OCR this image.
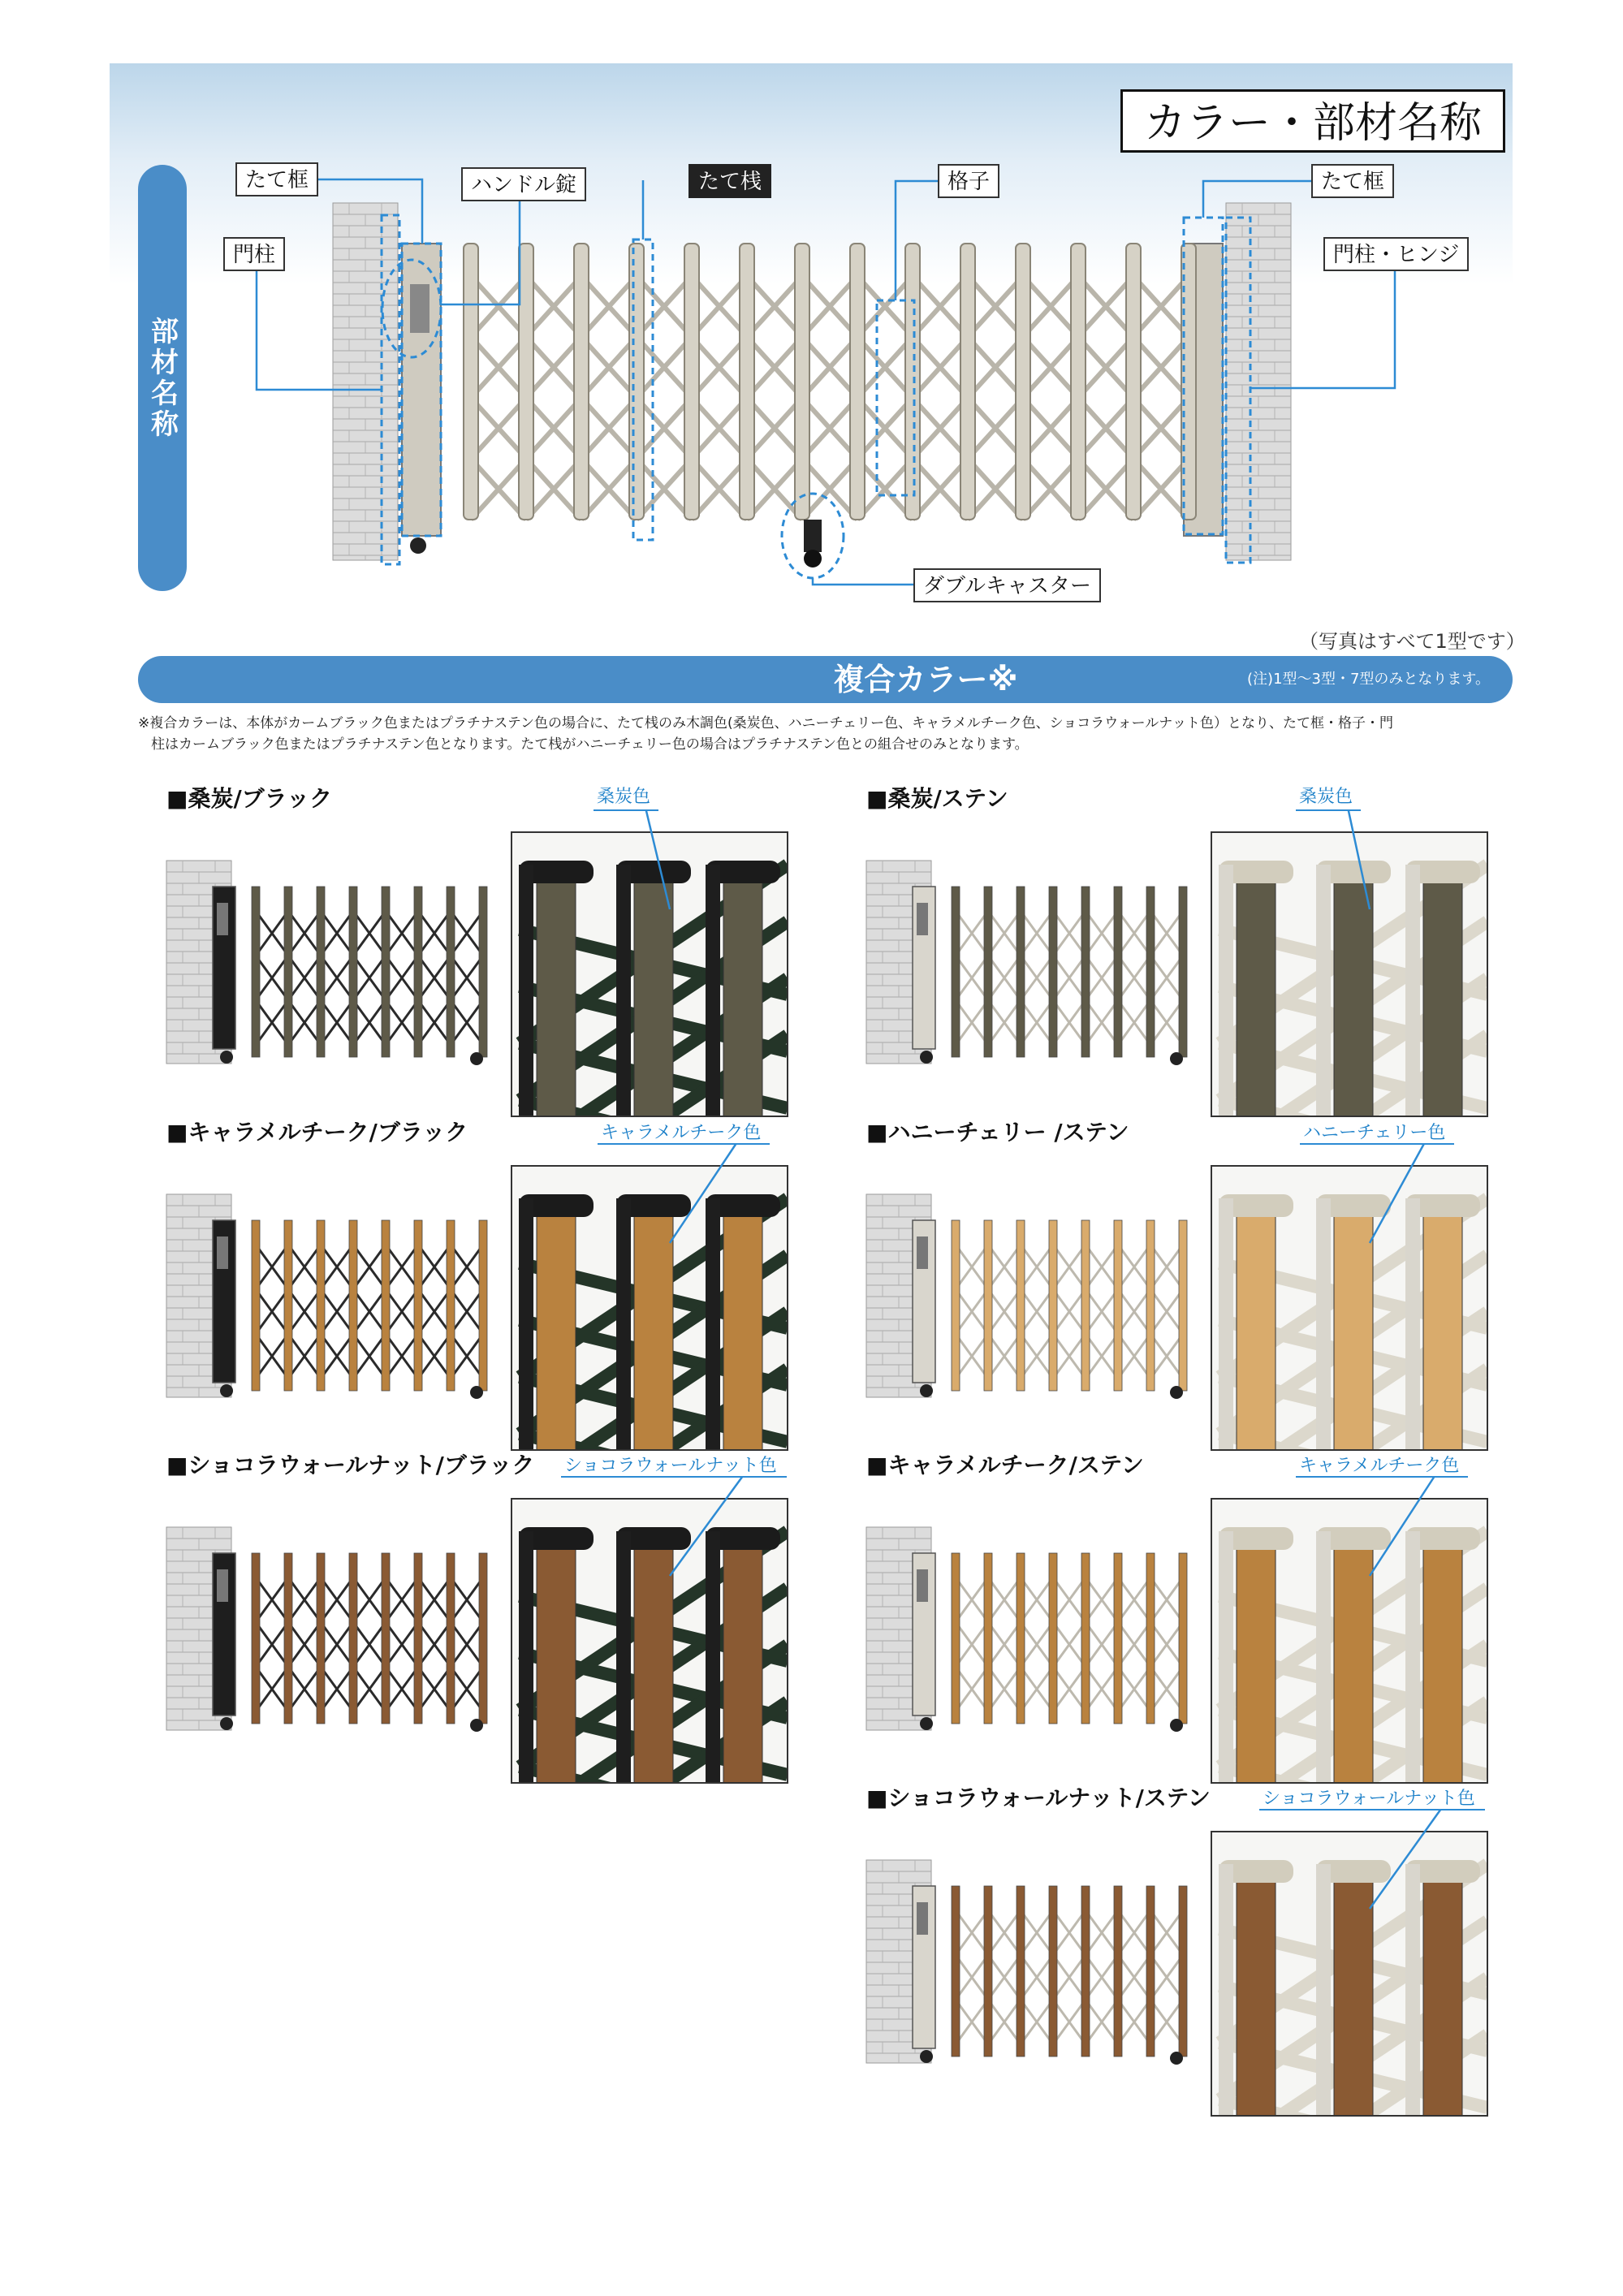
カラー・部材名称
部材名称
たて框
門柱
ハンドル錠	たて桟	格子	たて框
門柱・ヒンジ
ダブルキャスター
（写真はすべて1型です）
複合カラー※	(注)1型～3型・7型のみとなります。
※複合カラーは、本体がカームブラック色またはプラチナステン色の場合に、たて桟のみ木調色(桑炭色、ハニーチェリー色、キャラメルチーク色、ショコラウォールナット色）となり、たて框・格子・門
柱はカームブラック色またはプラチナステン色となります。たて桟がハニーチェリー色の場合はプラチナステン色との組合せのみとなります。
■桑炭/ブラック	桑炭色	■桑炭/ステン	桑炭色
■キャラメルチーク/ブラック	キャラメルチーク色	■ハニーチェリー /ステン	ハニーチェリー色
■ショコラウォールナット/ブラック ショコラウォールナット色	■キャラメルチーク/ステン	キャラメルチーク色
■ショコラウォールナット/ステン	ショコラウォールナット色
